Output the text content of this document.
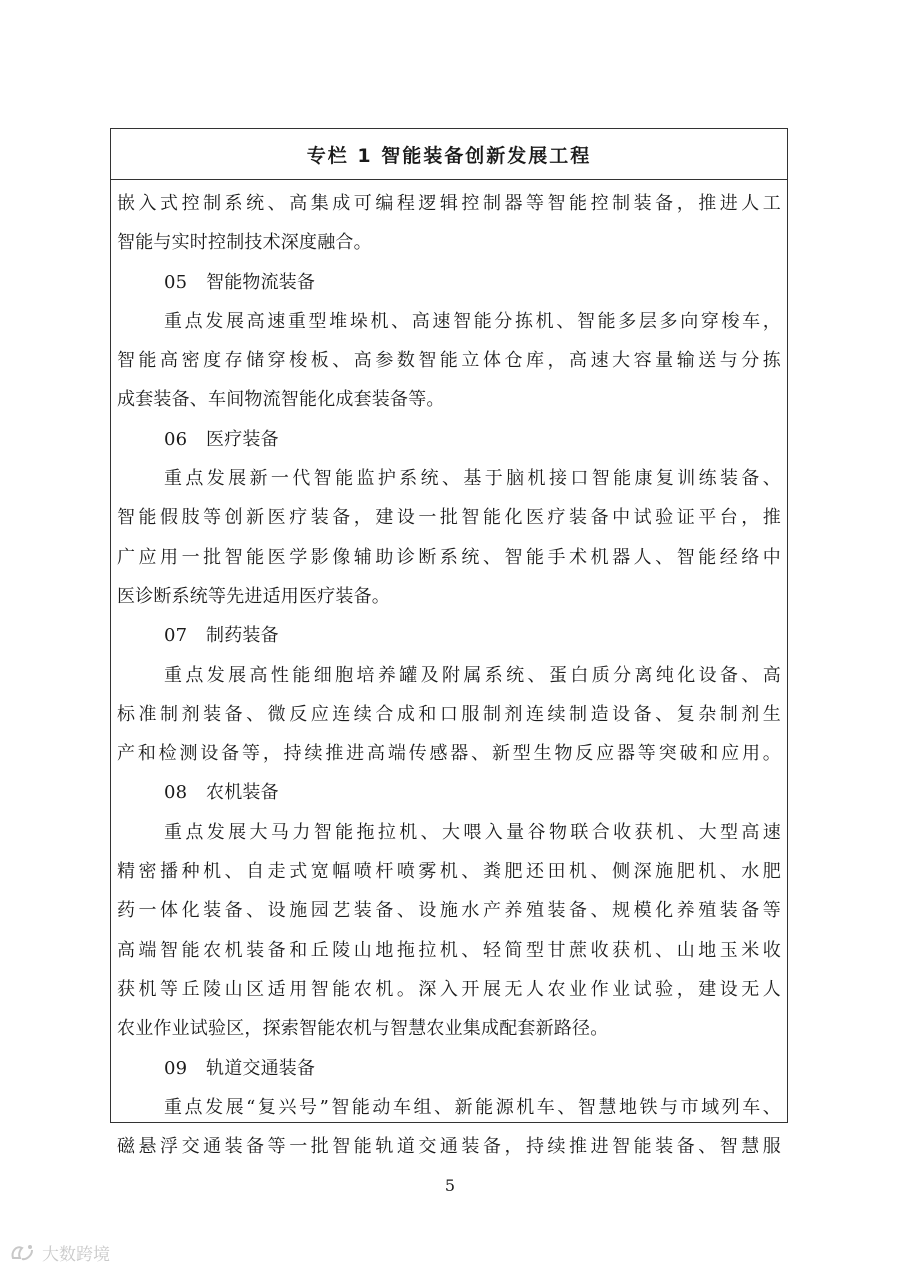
专栏 1 智能装备创新发展工程
嵌入式控制系统、高集成可编程逻辑控制器等智能控制装备，推进人工
智能与实时控制技术深度融合。
05 智能物流装备
重点发展高速重型堆垛机、高速智能分拣机、智能多层多向穿梭车，
智能高密度存储穿梭板、高参数智能立体仓库，高速大容量输送与分拣
成套装备、车间物流智能化成套装备等。
06 医疗装备
重点发展新一代智能监护系统、基于脑机接口智能康复训练装备、
智能假肢等创新医疗装备，建设一批智能化医疗装备中试验证平台，推
广应用一批智能医学影像辅助诊断系统、智能手术机器人、智能经络中
医诊断系统等先进适用医疗装备。
07 制药装备
重点发展高性能细胞培养罐及附属系统、蛋白质分离纯化设备、高
标准制剂装备、微反应连续合成和口服制剂连续制造设备、复杂制剂生
产和检测设备等，持续推进高端传感器、新型生物反应器等突破和应用。
08 农机装备
重点发展大马力智能拖拉机、大喂入量谷物联合收获机、大型高速
精密播种机、自走式宽幅喷杆喷雾机、粪肥还田机、侧深施肥机、水肥
药一体化装备、设施园艺装备、设施水产养殖装备、规模化养殖装备等
高端智能农机装备和丘陵山地拖拉机、轻简型甘蔗收获机、山地玉米收
获机等丘陵山区适用智能农机。深入开展无人农业作业试验，建设无人
农业作业试验区，探索智能农机与智慧农业集成配套新路径。
09 轨道交通装备
重点发展“复兴号”智能动车组、新能源机车、智慧地铁与市域列车、
磁悬浮交通装备等一批智能轨道交通装备，持续推进智能装备、智慧服
5
大数跨境
